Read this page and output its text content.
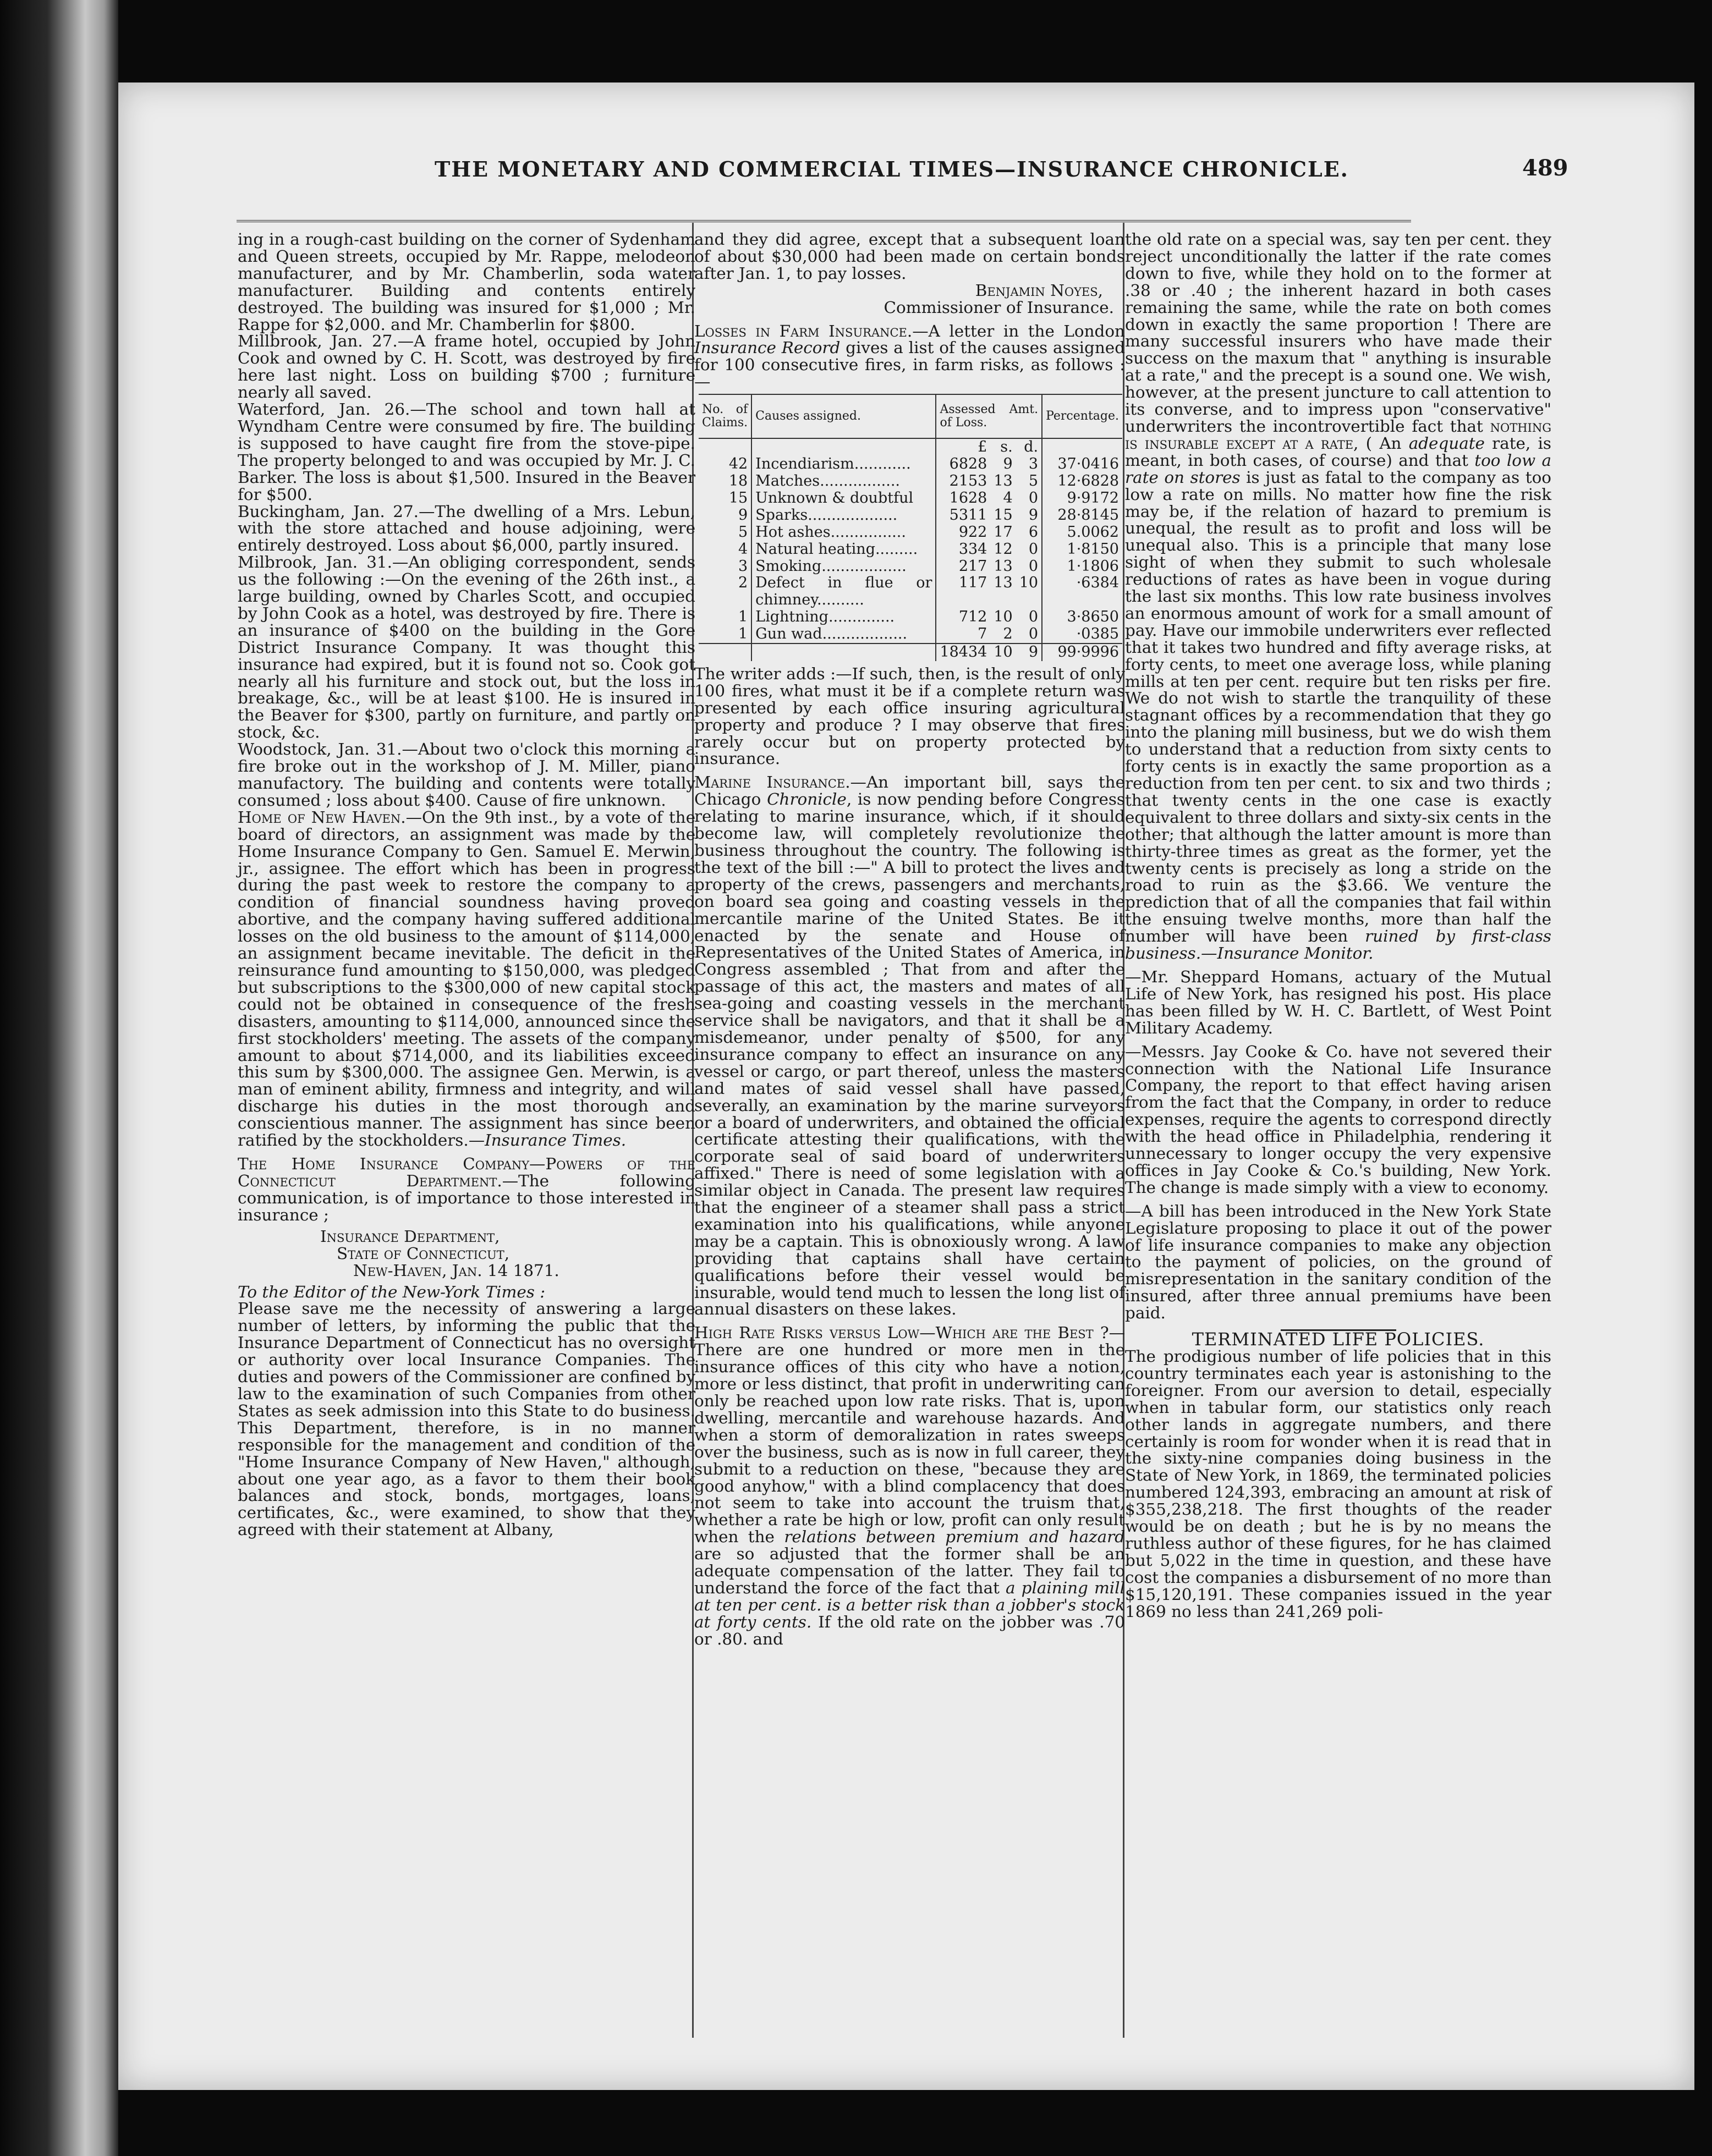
THE MONETARY AND COMMERCIAL TIMES—INSURANCE CHRONICLE.	489

ing in a rough-cast building on the corner of Sydenham and Queen streets, occupied by Mr. Rappe, melodeon manufacturer, and by Mr. Chamberlin, soda water manufacturer. Building and contents entirely destroyed. The building was insured for $1,000 ; Mr. Rappe for $2,000. and Mr. Chamberlin for $800.

Millbrook, Jan. 27.—A frame hotel, occupied by John Cook and owned by C. H. Scott, was destroyed by fire here last night. Loss on building $700 ; furniture nearly all saved.

Waterford, Jan. 26.—The school and town hall at Wyndham Centre were consumed by fire. The building is supposed to have caught fire from the stove-pipe. The property belonged to and was occupied by Mr. J. C. Barker. The loss is about $1,500. Insured in the Beaver for $500.

Buckingham, Jan. 27.—The dwelling of a Mrs. Lebun, with the store attached and house adjoining, were entirely destroyed. Loss about $6,000, partly insured.

Milbrook, Jan. 31.—An obliging correspondent, sends us the following :—On the evening of the 26th inst., a large building, owned by Charles Scott, and occupied by John Cook as a hotel, was destroyed by fire. There is an insurance of $400 on the building in the Gore District Insurance Company. It was thought this insurance had expired, but it is found not so. Cook got nearly all his furniture and stock out, but the loss in breakage, &c., will be at least $100. He is insured in the Beaver for $300, partly on furniture, and partly on stock, &c.

Woodstock, Jan. 31.—About two o'clock this morning a fire broke out in the workshop of J. M. Miller, piano manufactory. The building and contents were totally consumed ; loss about $400. Cause of fire unknown.

Home of New Haven.—On the 9th inst., by a vote of the board of directors, an assignment was made by the Home Insurance Company to Gen. Samuel E. Merwin, jr., assignee. The effort which has been in progress during the past week to restore the company to a condition of financial soundness having proved abortive, and the company having suffered additional losses on the old business to the amount of $114,000, an assignment became inevitable. The deficit in the reinsurance fund amounting to $150,000, was pledged but subscriptions to the $300,000 of new capital stock could not be obtained in consequence of the fresh disasters, amounting to $114,000, announced since the first stockholders' meeting. The assets of the company amount to about $714,000, and its liabilities exceed this sum by $300,000. The assignee Gen. Merwin, is a man of eminent ability, firmness and integrity, and will discharge his duties in the most thorough and conscientious manner. The assignment has since been ratified by the stockholders.—Insurance Times.

The Home Insurance Company—Powers of the Connecticut Department.—The following communication, is of importance to those interested in insurance ;

Insurance Department,
State of Connecticut,
New-Haven, Jan. 14 1871.

To the Editor of the New-York Times :

Please save me the necessity of answering a large number of letters, by informing the public that the Insurance Department of Connecticut has no oversight or authority over local Insurance Companies. The duties and powers of the Commissioner are confined by law to the examination of such Companies from other States as seek admission into this State to do business. This Department, therefore, is in no manner responsible for the management and condition of the "Home Insurance Company of New Haven," although, about one year ago, as a favor to them their book balances and stock, bonds, mortgages, loans, certificates, &c., were examined, to show that they agreed with their statement at Albany,

and they did agree, except that a subsequent loan of about $30,000 had been made on certain bonds after Jan. 1, to pay losses.

Benjamin Noyes,

Commissioner of Insurance.

Losses in Farm Insurance.—A letter in the London Insurance Record gives a list of the causes assigned for 100 consecutive fires, in farm risks, as follows :—

No. of Claims.	Causes assigned.	Assessed Amt. of Loss.			Percentage.
		£	s.	d.	
42	Incendiarism............	6828	9	3	37·0416
18	Matches.................	2153	13	5	12·6828
15	Unknown & doubtful	1628	4	0	9·9172
9	Sparks...................	5311	15	9	28·8145
5	Hot ashes................	922	17	6	5.0062
4	Natural heating.........	334	12	0	1·8150
3	Smoking..................	217	13	0	1·1806
2	Defect in flue or chimney..........	117	13	10	·6384
1	Lightning..............	712	10	0	3·8650
1	Gun wad..................	7	2	0	·0385
		18434	10	9	99·9996

The writer adds :—If such, then, is the result of only 100 fires, what must it be if a complete return was presented by each office insuring agricultural property and produce ? I may observe that fires rarely occur but on property protected by insurance.

Marine Insurance.—An important bill, says the Chicago Chronicle, is now pending before Congress relating to marine insurance, which, if it should become law, will completely revolutionize the business throughout the country. The following is the text of the bill :—" A bill to protect the lives and property of the crews, passengers and merchants, on board sea going and coasting vessels in the mercantile marine of the United States. Be it enacted by the senate and House of Representatives of the United States of America, in Congress assembled ; That from and after the passage of this act, the masters and mates of all sea-going and coasting vessels in the merchant service shall be navigators, and that it shall be a misdemeanor, under penalty of $500, for any insurance company to effect an insurance on any vessel or cargo, or part thereof, unless the masters and mates of said vessel shall have passed, severally, an examination by the marine surveyors or a board of underwriters, and obtained the official certificate attesting their qualifications, with the corporate seal of said board of underwriters affixed." There is need of some legislation with a similar object in Canada. The present law requires that the engineer of a steamer shall pass a strict examination into his qualifications, while anyone may be a captain. This is obnoxiously wrong. A law providing that captains shall have certain qualifications before their vessel would be insurable, would tend much to lessen the long list of annual disasters on these lakes.

High Rate Risks versus Low—Which are the Best ?—There are one hundred or more men in the insurance offices of this city who have a notion, more or less distinct, that profit in underwriting can only be reached upon low rate risks. That is, upon dwelling, mercantile and warehouse hazards. And when a storm of demoralization in rates sweeps over the business, such as is now in full career, they submit to a reduction on these, "because they are good anyhow," with a blind complacency that does not seem to take into account the truism that, whether a rate be high or low, profit can only result when the relations between premium and hazard are so adjusted that the former shall be an adequate compensation of the latter. They fail to understand the force of the fact that a plaining mill at ten per cent. is a better risk than a jobber's stock at forty cents. If the old rate on the jobber was .70 or .80. and

the old rate on a special was, say ten per cent. they reject unconditionally the latter if the rate comes down to five, while they hold on to the former at .38 or .40 ; the inherent hazard in both cases remaining the same, while the rate on both comes down in exactly the same proportion ! There are many successful insurers who have made their success on the maxum that " anything is insurable at a rate," and the precept is a sound one. We wish, however, at the present juncture to call attention to its converse, and to impress upon "conservative" underwriters the incontrovertible fact that nothing is insurable except at a rate, ( An adequate rate, is meant, in both cases, of course) and that too low a rate on stores is just as fatal to the company as too low a rate on mills. No matter how fine the risk may be, if the relation of hazard to premium is unequal, the result as to profit and loss will be unequal also. This is a principle that many lose sight of when they submit to such wholesale reductions of rates as have been in vogue during the last six months. This low rate business involves an enormous amount of work for a small amount of pay. Have our immobile underwriters ever reflected that it takes two hundred and fifty average risks, at forty cents, to meet one average loss, while planing mills at ten per cent. require but ten risks per fire. We do not wish to startle the tranquility of these stagnant offices by a recommendation that they go into the planing mill business, but we do wish them to understand that a reduction from sixty cents to forty cents is in exactly the same proportion as a reduction from ten per cent. to six and two thirds ; that twenty cents in the one case is exactly equivalent to three dollars and sixty-six cents in the other; that although the latter amount is more than thirty-three times as great as the former, yet the twenty cents is precisely as long a stride on the road to ruin as the $3.66. We venture the prediction that of all the companies that fail within the ensuing twelve months, more than half the number will have been ruined by first-class business.—Insurance Monitor.

—Mr. Sheppard Homans, actuary of the Mutual Life of New York, has resigned his post. His place has been filled by W. H. C. Bartlett, of West Point Military Academy.

—Messrs. Jay Cooke & Co. have not severed their connection with the National Life Insurance Company, the report to that effect having arisen from the fact that the Company, in order to reduce expenses, require the agents to correspond directly with the head office in Philadelphia, rendering it unnecessary to longer occupy the very expensive offices in Jay Cooke & Co.'s building, New York. The change is made simply with a view to economy.

—A bill has been introduced in the New York State Legislature proposing to place it out of the power of life insurance companies to make any objection to the payment of policies, on the ground of misrepresentation in the sanitary condition of the insured, after three annual premiums have been paid.

TERMINATED LIFE POLICIES.

The prodigious number of life policies that in this country terminates each year is astonishing to the foreigner. From our aversion to detail, especially when in tabular form, our statistics only reach other lands in aggregate numbers, and there certainly is room for wonder when it is read that in the sixty-nine companies doing business in the State of New York, in 1869, the terminated policies numbered 124,393, embracing an amount at risk of $355,238,218. The first thoughts of the reader would be on death ; but he is by no means the ruthless author of these figures, for he has claimed but 5,022 in the time in question, and these have cost the companies a disbursement of no more than $15,120,191. These companies issued in the year 1869 no less than 241,269 poli-
